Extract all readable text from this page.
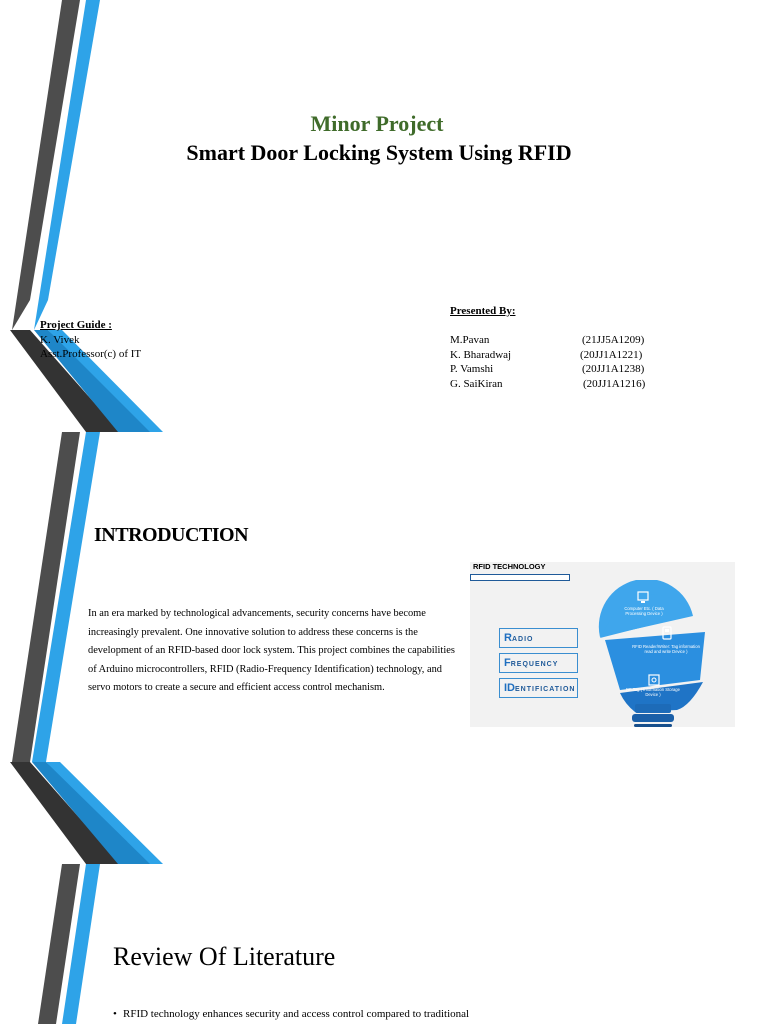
Minor Project
Smart Door Locking System Using RFID
Project Guide :
K. Vivek
Asst.Professor(c) of IT
Presented By:
M.Pavan	(21JJ5A1209)
K. Bharadwaj	(20JJ1A1221)
P. Vamshi	(20JJ1A1238)
G. SaiKiran	(20JJ1A1216)
INTRODUCTION
In an era marked by technological advancements, security concerns have become increasingly prevalent. One innovative solution to address these concerns is the development of an RFID-based door lock system. This project combines the capabilities of Arduino microcontrollers, RFID (Radio-Frequency Identification) technology, and servo motors to create a secure and efficient access control mechanism.
RFID TECHNOLOGY
RADIO
FREQUENCY
IDENTIFICATION
Computer Etc. ( Data Processing Device )
RFID Reader/Writer: Tag information read and write Device )
RF Tag ( Information Storage Device )
Review Of Literature
• RFID technology enhances security and access control compared to traditional
